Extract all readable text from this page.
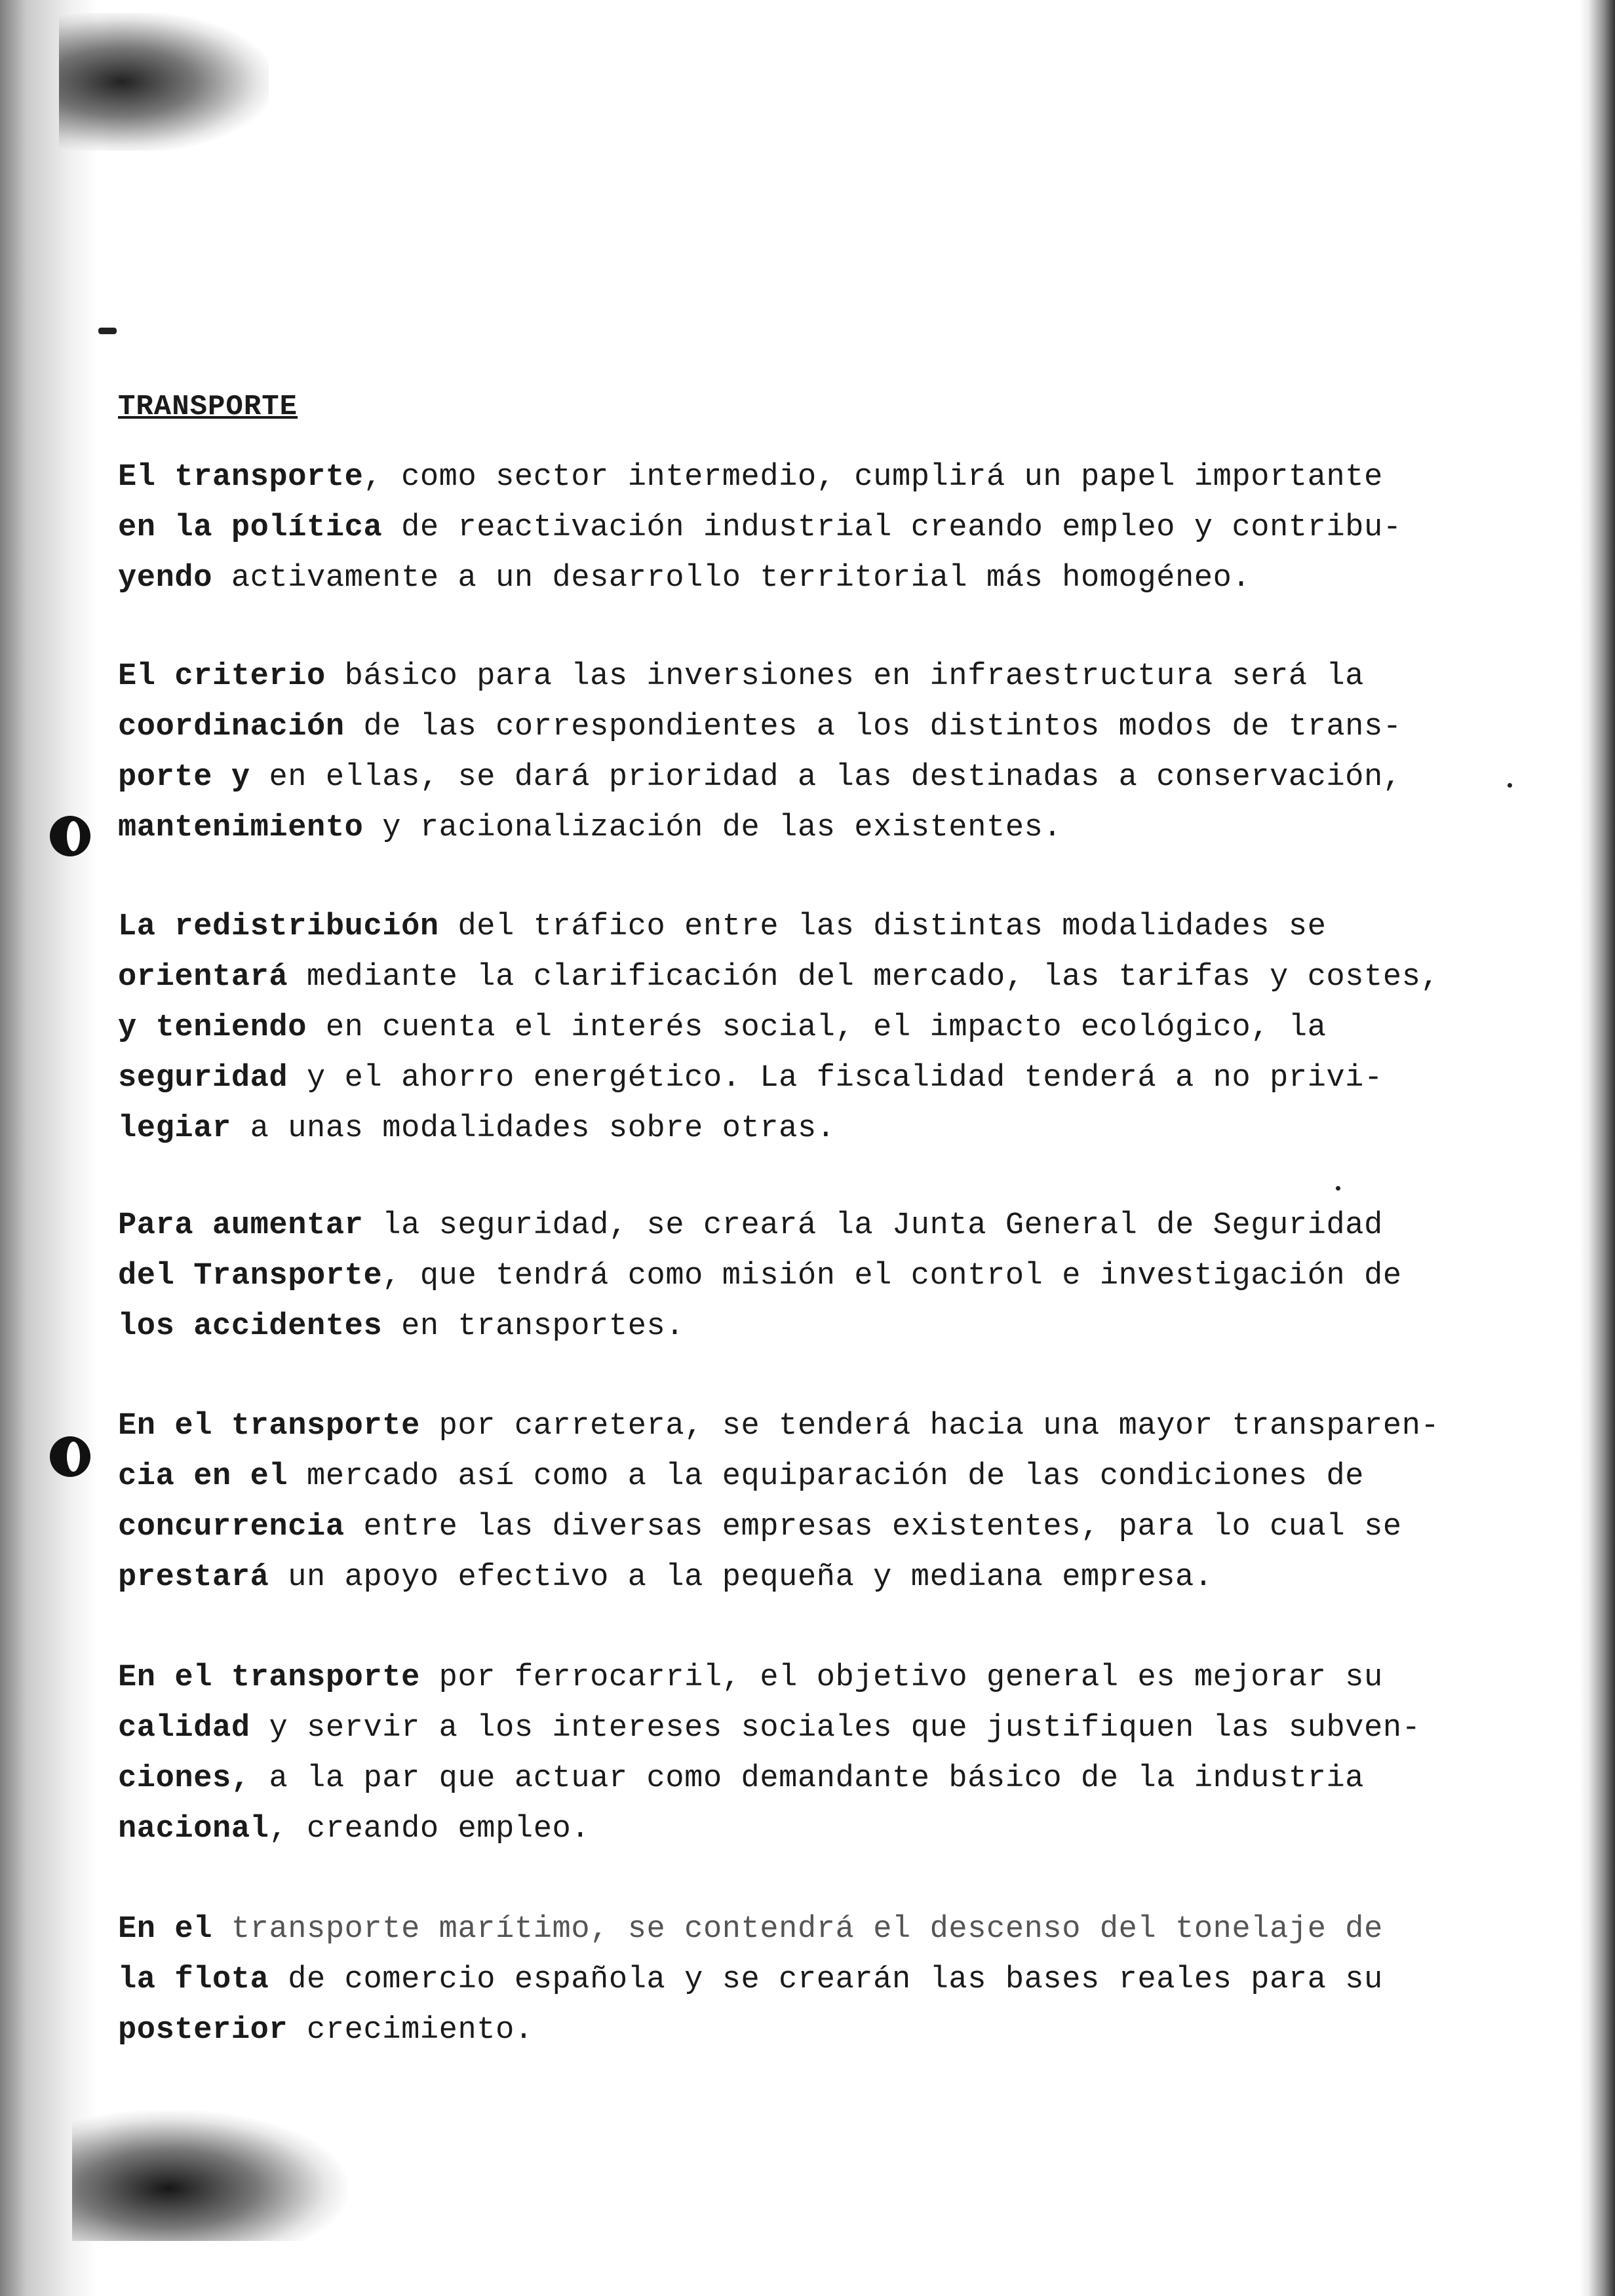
TRANSPORTE
El transporte, como sector intermedio, cumplirá un papel importante
en la política de reactivación industrial creando empleo y contribu-
yendo activamente a un desarrollo territorial más homogéneo.
El criterio básico para las inversiones en infraestructura será la
coordinación de las correspondientes a los distintos modos de trans-
porte y en ellas, se dará prioridad a las destinadas a conservación,
mantenimiento y racionalización de las existentes.
La redistribución del tráfico entre las distintas modalidades se
orientará mediante la clarificación del mercado, las tarifas y costes,
y teniendo en cuenta el interés social, el impacto ecológico, la
seguridad y el ahorro energético. La fiscalidad tenderá a no privi-
legiar a unas modalidades sobre otras.
Para aumentar la seguridad, se creará la Junta General de Seguridad
del Transporte, que tendrá como misión el control e investigación de
los accidentes en transportes.
En el transporte por carretera, se tenderá hacia una mayor transparen-
cia en el mercado así como a la equiparación de las condiciones de
concurrencia entre las diversas empresas existentes, para lo cual se
prestará un apoyo efectivo a la pequeña y mediana empresa.
En el transporte por ferrocarril, el objetivo general es mejorar su
calidad y servir a los intereses sociales que justifiquen las subven-
ciones, a la par que actuar como demandante básico de la industria
nacional, creando empleo.
En el transporte marítimo, se contendrá el descenso del tonelaje de
la flota de comercio española y se crearán las bases reales para su
posterior crecimiento.
